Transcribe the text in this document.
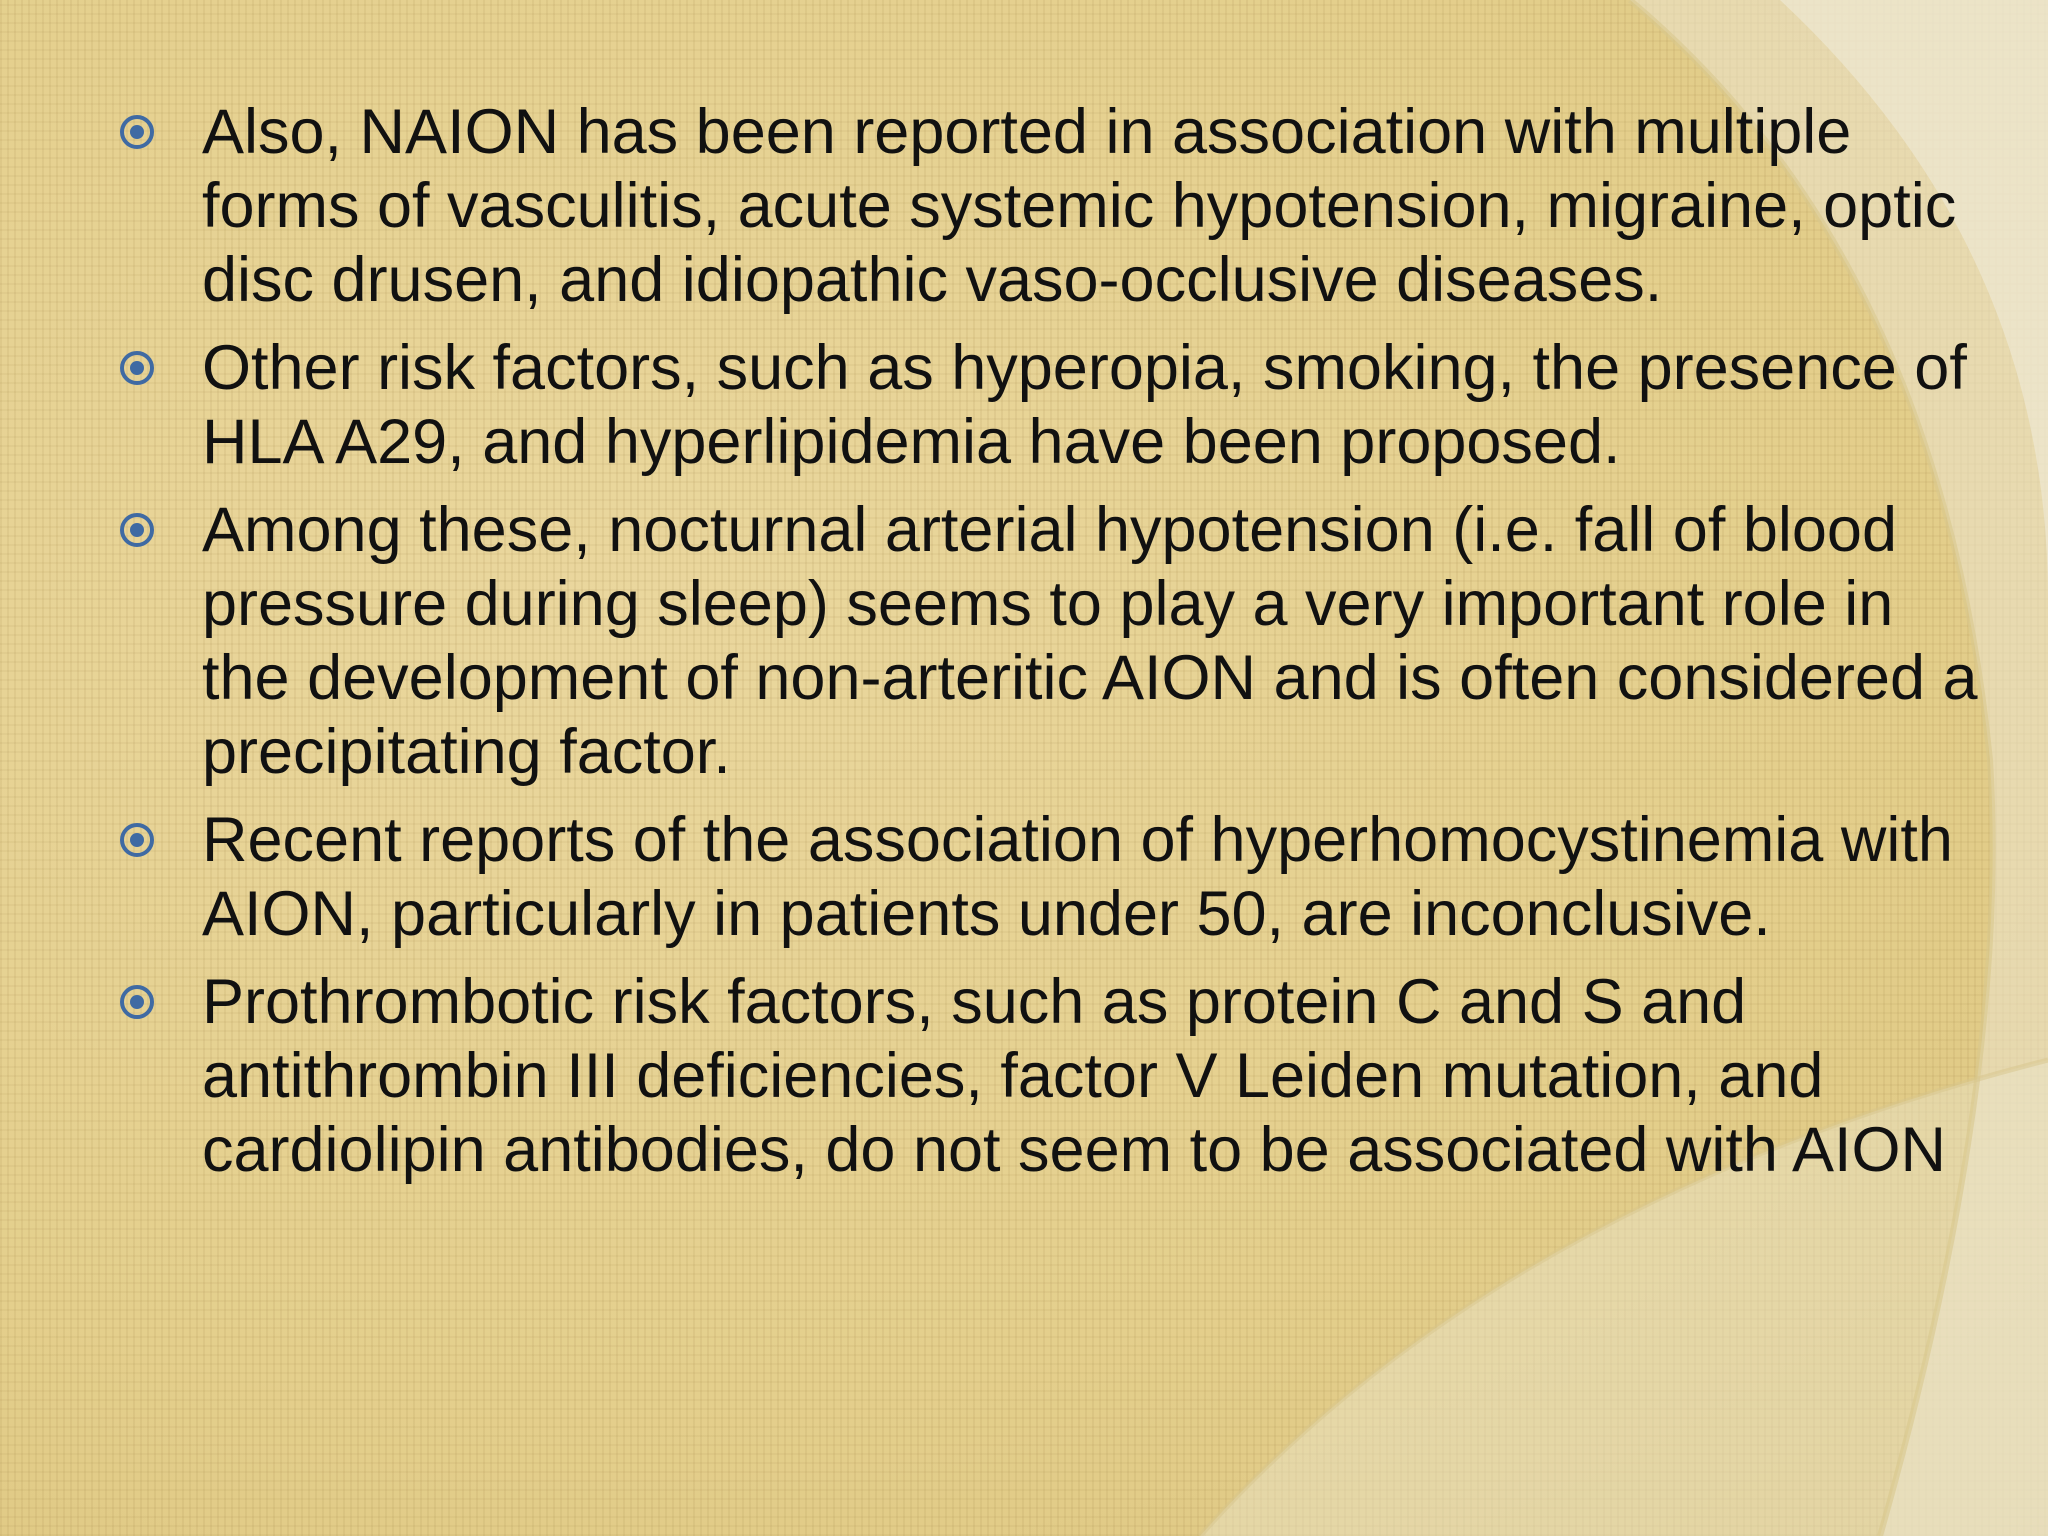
Also, NAION has been reported in association with multiple forms of vasculitis, acute systemic hypotension, migraine, optic disc drusen, and idiopathic vaso-occlusive diseases.
Other risk factors, such as hyperopia, smoking, the presence of HLA A29, and hyperlipidemia have been proposed.
Among these, nocturnal arterial hypotension (i.e. fall of blood pressure during sleep) seems to play a very important role in the development of non-arteritic AION and is often considered a precipitating factor.
Recent reports of the association of hyperhomocystinemia with AION, particularly in patients under 50, are inconclusive.
Prothrombotic risk factors, such as protein C and S and antithrombin III deficiencies, factor V Leiden mutation, and cardiolipin antibodies, do not seem to be associated with AION
